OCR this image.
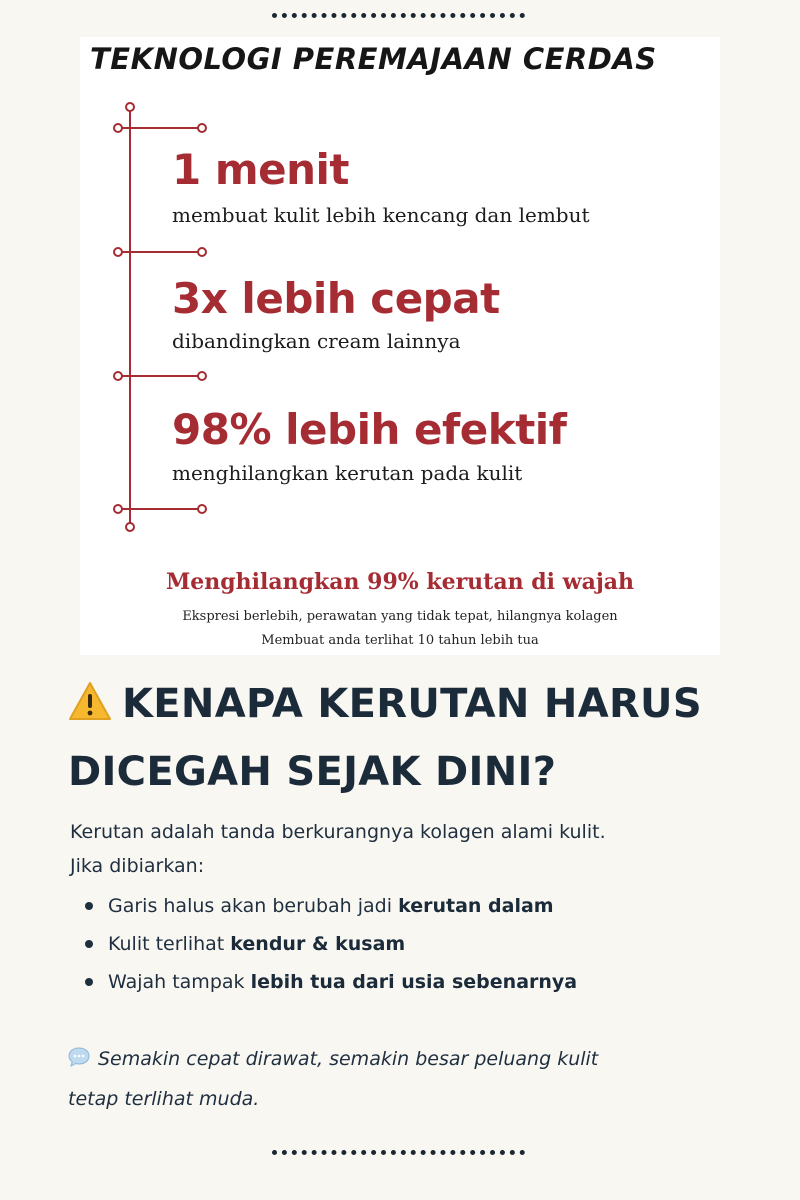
TEKNOLOGI PEREMAJAAN CERDAS
1 menit
membuat kulit lebih kencang dan lembut
3x lebih cepat
dibandingkan cream lainnya
98% lebih efektif
menghilangkan kerutan pada kulit
Menghilangkan 99% kerutan di wajah
Ekspresi berlebih, perawatan yang tidak tepat, hilangnya kolagen
Membuat anda terlihat 10 tahun lebih tua
KENAPA KERUTAN HARUS
DICEGAH SEJAK DINI?
Kerutan adalah tanda berkurangnya kolagen alami kulit.
Jika dibiarkan:
Garis halus akan berubah jadi kerutan dalam
Kulit terlihat kendur & kusam
Wajah tampak lebih tua dari usia sebenarnya
Semakin cepat dirawat, semakin besar peluang kulit
tetap terlihat muda.
